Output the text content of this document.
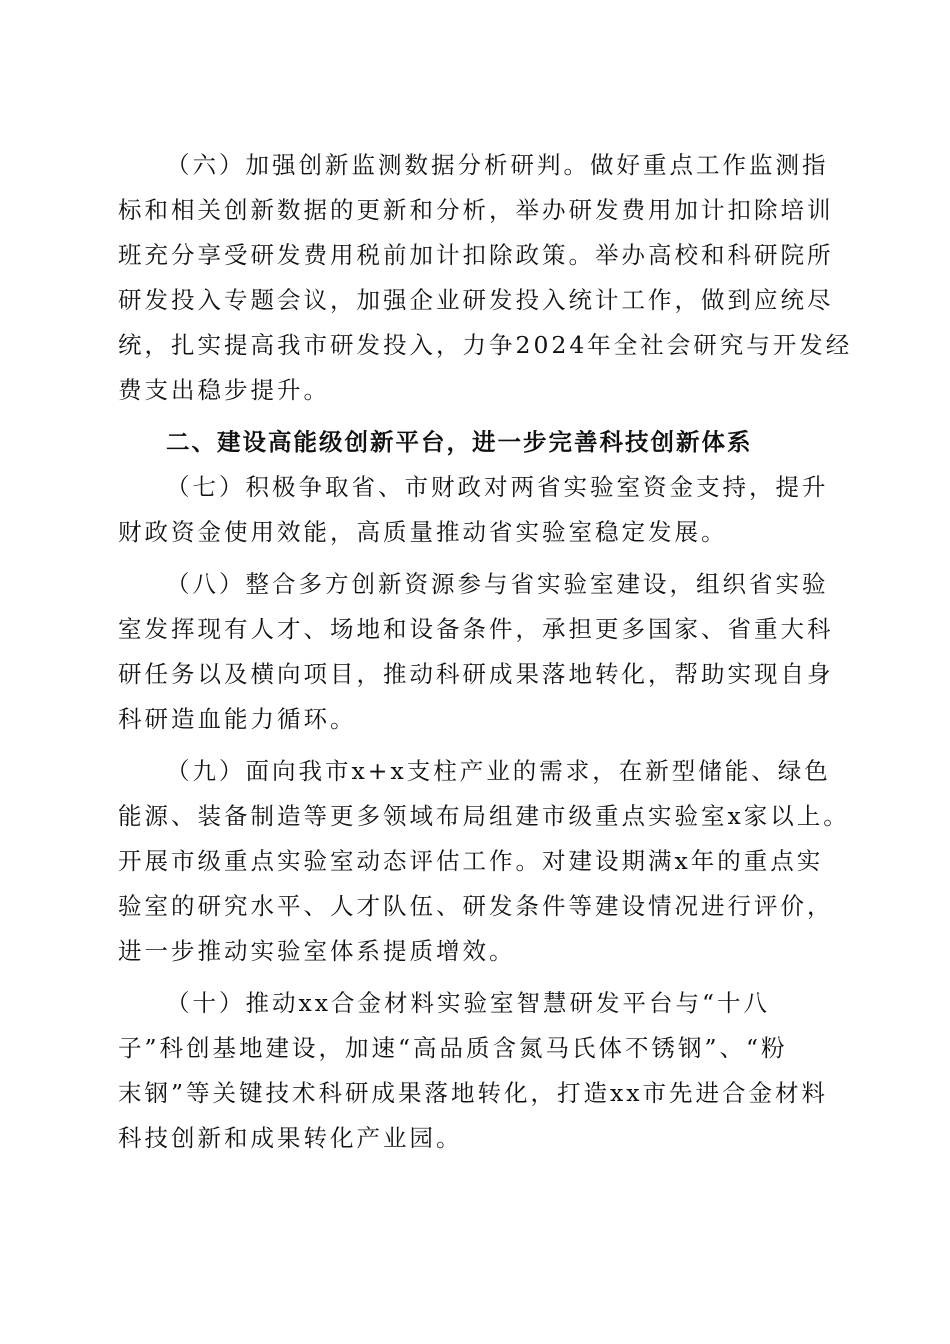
（六）加强创新监测数据分析研判。做好重点工作监测指
标和相关创新数据的更新和分析，举办研发费用加计扣除培训
班充分享受研发费用税前加计扣除政策。举办高校和科研院所
研发投入专题会议，加强企业研发投入统计工作，做到应统尽
统，扎实提高我市研发投入，力争2024年全社会研究与开发经
费支出稳步提升。
二、建设高能级创新平台，进一步完善科技创新体系
（七）积极争取省、市财政对两省实验室资金支持，提升
财政资金使用效能，高质量推动省实验室稳定发展。
（八）整合多方创新资源参与省实验室建设，组织省实验
室发挥现有人才、场地和设备条件，承担更多国家、省重大科
研任务以及横向项目，推动科研成果落地转化，帮助实现自身
科研造血能力循环。
（九）面向我市x+x支柱产业的需求，在新型储能、绿色
能源、装备制造等更多领域布局组建市级重点实验室x家以上。
开展市级重点实验室动态评估工作。对建设期满x年的重点实
验室的研究水平、人才队伍、研发条件等建设情况进行评价，
进一步推动实验室体系提质增效。
（十）推动xx合金材料实验室智慧研发平台与“十八
子”科创基地建设，加速“高品质含氮马氏体不锈钢”、“粉
末钢”等关键技术科研成果落地转化，打造xx市先进合金材料
科技创新和成果转化产业园。
